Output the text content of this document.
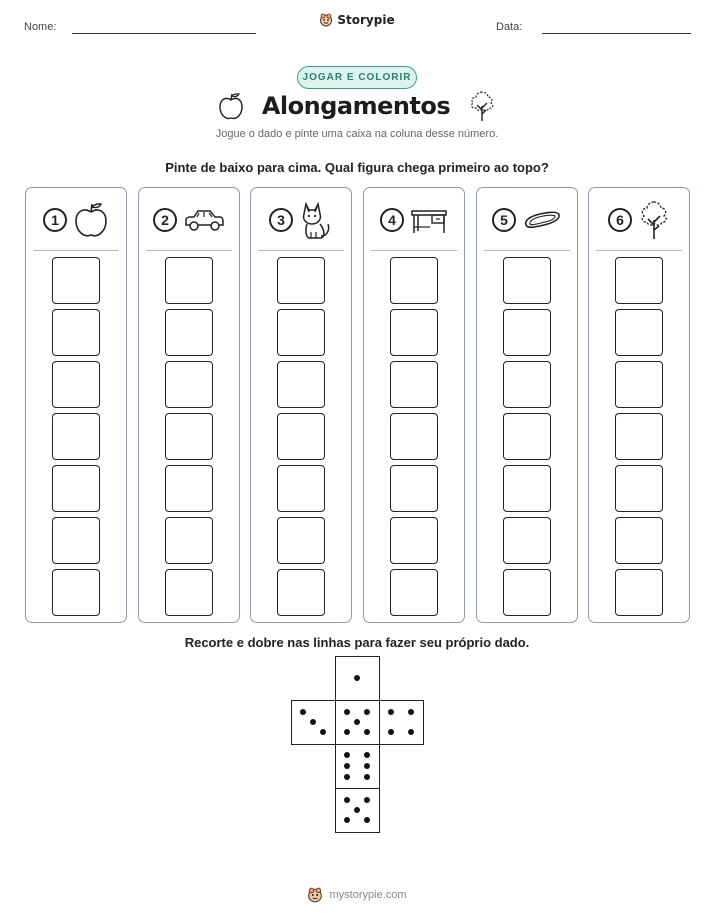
Nome:	Storypie	Data:
JOGAR E COLORIR
Alongamentos
Jogue o dado e pinte uma caixa na coluna desse número.
Pinte de baixo para cima. Qual figura chega primeiro ao topo?
1	2	3	4	5	6
Recorte e dobre nas linhas para fazer seu próprio dado.
mystorypie.com
